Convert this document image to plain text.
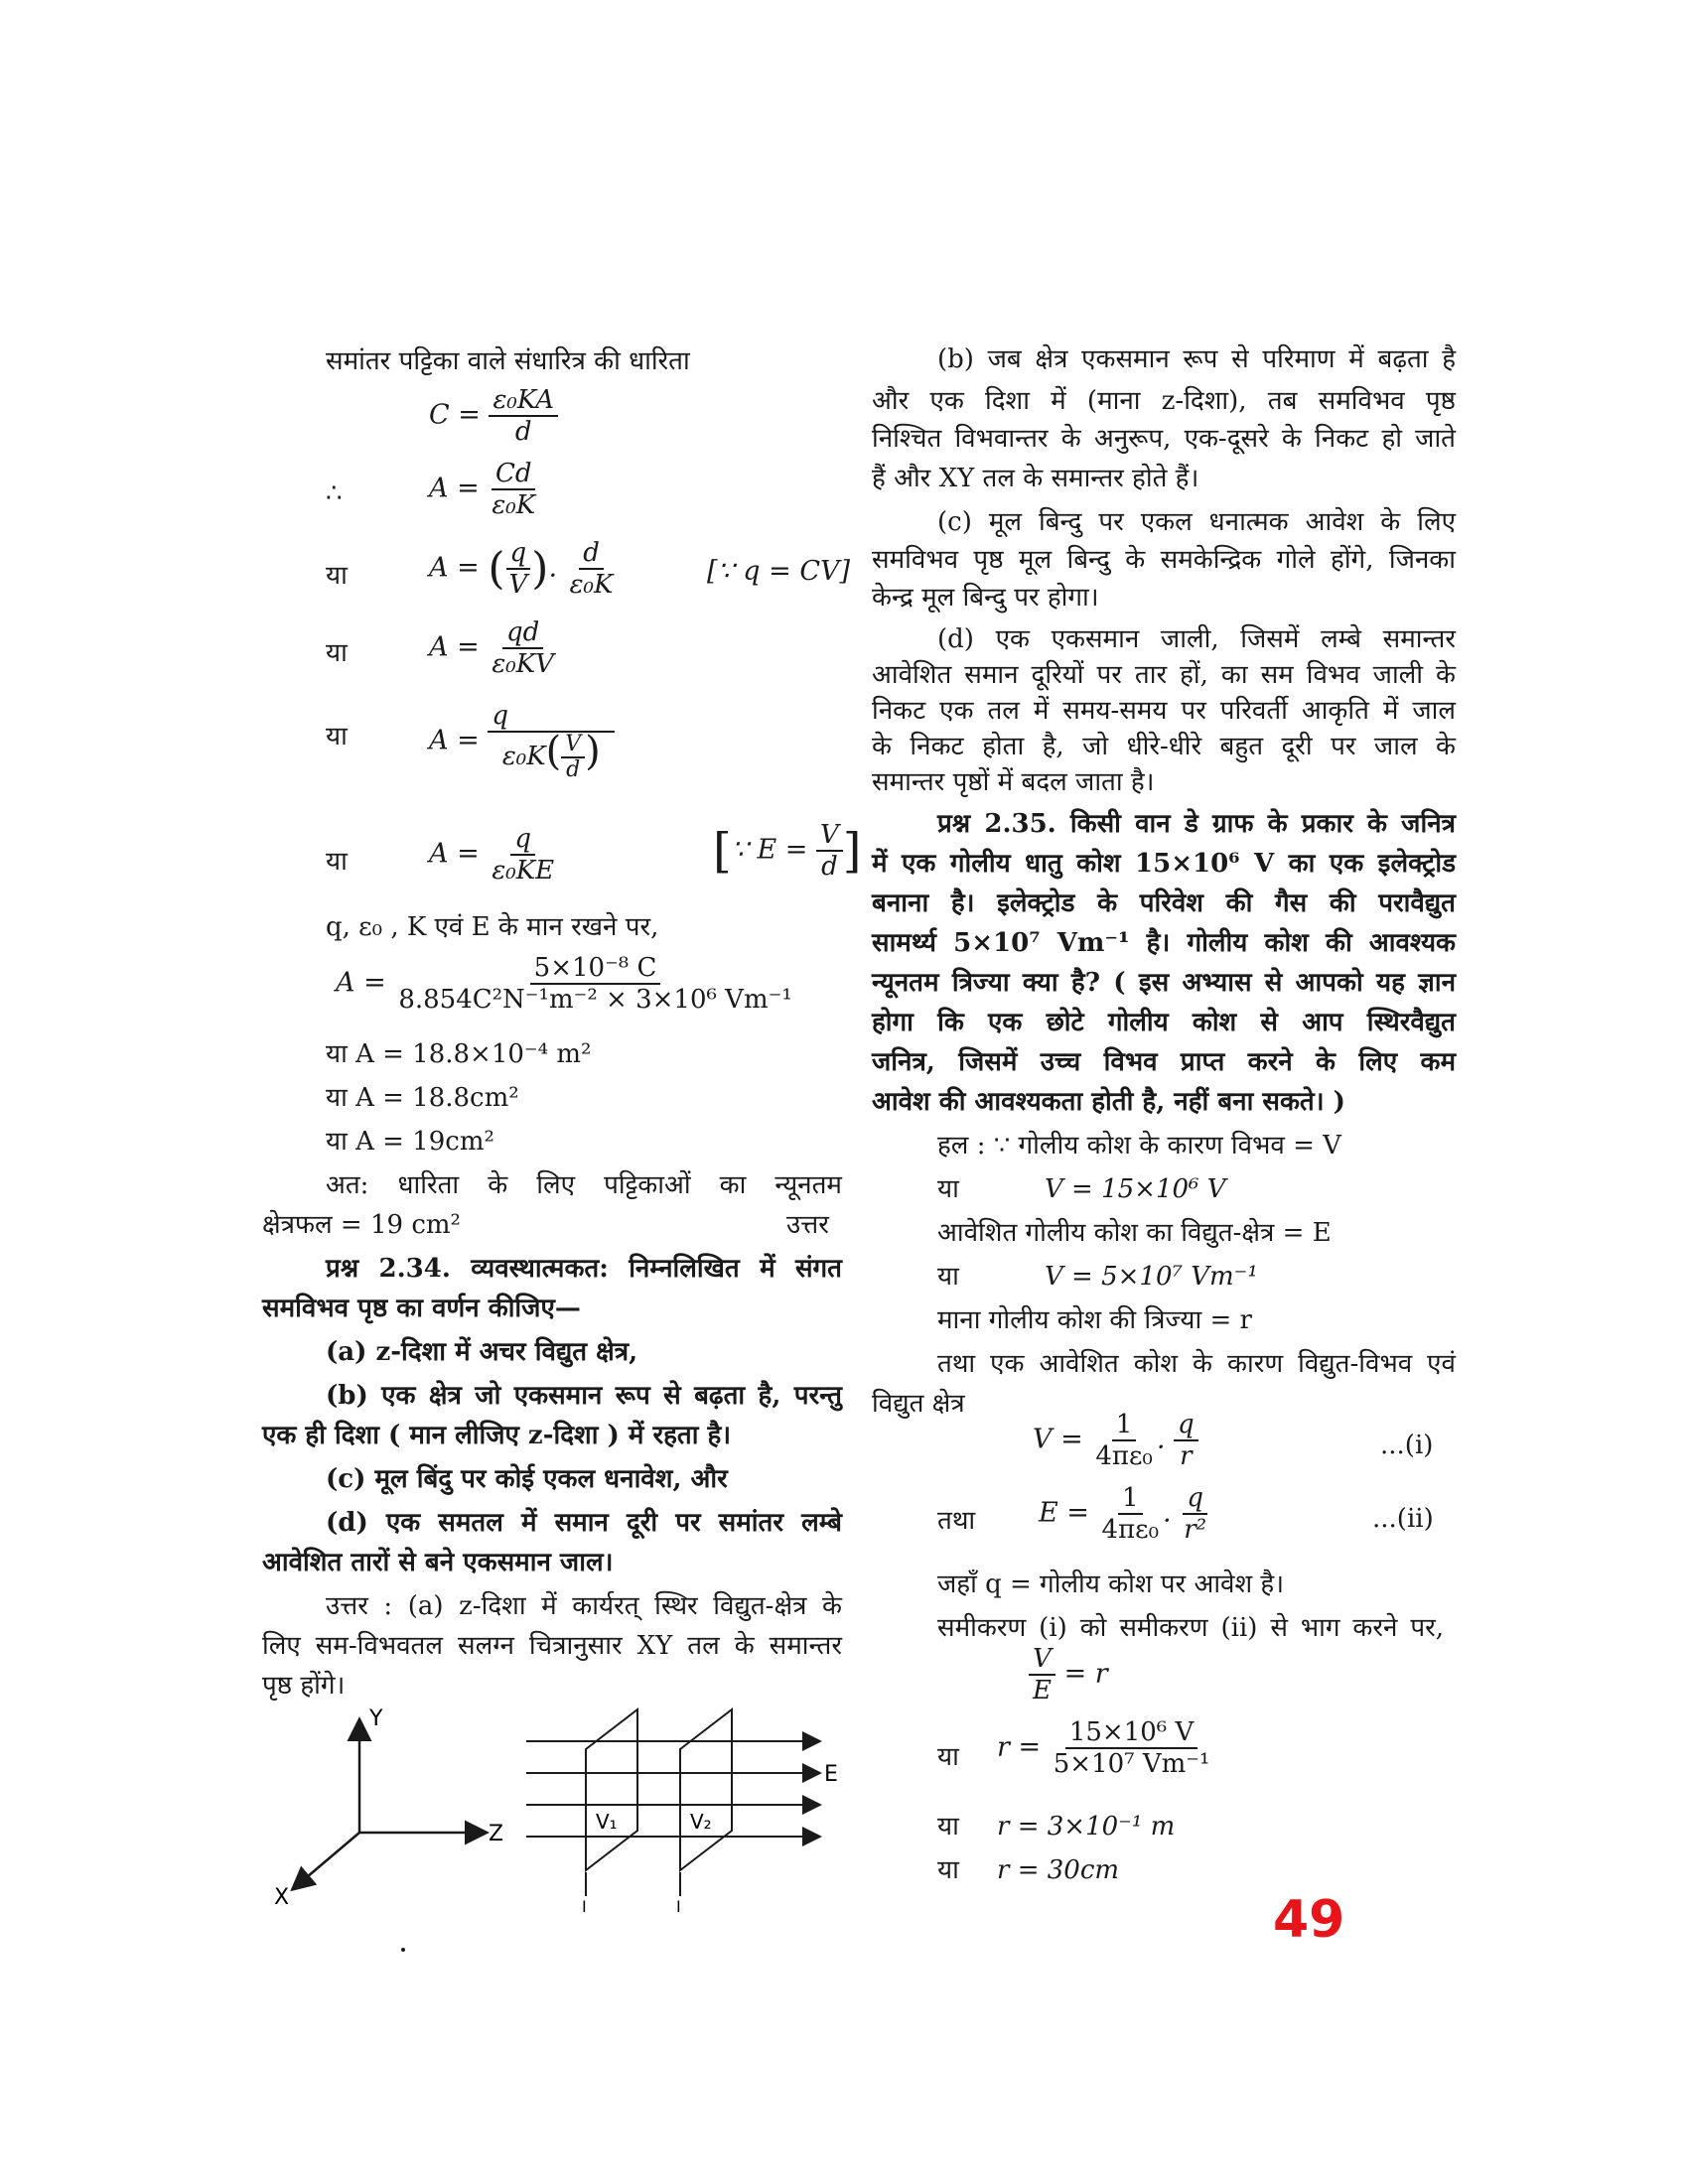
समांतर पट्टिका वाले संधारित्र की धारिता
$C = \frac{\text{ε₀KA}}{d}$
∴	$A = \frac{Cd}{\text{ε₀K}}$
या	A = ( $\frac{q}{V}$ ). $\frac{d}{\text{ε₀K}}$	[∵ q = CV]
या	$A = \frac{qd}{\text{ε₀KV}}$
या	$A = \frac{q}{\varepsilon_0K( \frac{V}{d} )}$
या	$A = \frac{q}{\text{ε₀KE}}$	[∵ $E = \frac{V}{d}$ ]
q, ε₀ , K एवं E के मान रखने पर,
$A = \frac{\text{5×10⁻⁸ C}}{\text{8.854C²N⁻¹m⁻² × 3×10⁶ Vm⁻¹}}$
या A = 18.8×10⁻⁴ m²
या A = 18.8cm²
या A = 19cm²
अत: धारिता के लिए पट्टिकाओं का न्यूनतम
क्षेत्रफल = 19 cm²	उत्तर
प्रश्न 2.34. व्यवस्थात्मकत: निम्नलिखित में संगत
समविभव पृष्ठ का वर्णन कीजिए—
(a) z-दिशा में अचर विद्युत क्षेत्र,
(b) एक क्षेत्र जो एकसमान रूप से बढ़ता है, परन्तु
एक ही दिशा ( मान लीजिए z-दिशा ) में रहता है।
(c) मूल बिंदु पर कोई एकल धनावेश, और
(d) एक समतल में समान दूरी पर समांतर लम्बे
आवेशित तारों से बने एकसमान जाल।
उत्तर : (a) z-दिशा में कार्यरत् स्थिर विद्युत-क्षेत्र के
लिए सम-विभवतल सलग्न चित्रानुसार XY तल के समान्तर
पृष्ठ होंगे।
Y
Z
X
E
V₁	V₂
I	I
(b) जब क्षेत्र एकसमान रूप से परिमाण में बढ़ता है
और एक दिशा में (माना z-दिशा), तब समविभव पृष्ठ
निश्चित विभवान्तर के अनुरूप, एक-दूसरे के निकट हो जाते
हैं और XY तल के समान्तर होते हैं।
(c) मूल बिन्दु पर एकल धनात्मक आवेश के लिए
समविभव पृष्ठ मूल बिन्दु के समकेन्द्रिक गोले होंगे, जिनका
केन्द्र मूल बिन्दु पर होगा।
(d) एक एकसमान जाली, जिसमें लम्बे समान्तर
आवेशित समान दूरियों पर तार हों, का सम विभव जाली के
निकट एक तल में समय-समय पर परिवर्ती आकृति में जाल
के निकट होता है, जो धीरे-धीरे बहुत दूरी पर जाल के
समान्तर पृष्ठों में बदल जाता है।
प्रश्न 2.35. किसी वान डे ग्राफ के प्रकार के जनित्र
में एक गोलीय धातु कोश 15×10⁶ V का एक इलेक्ट्रोड
बनाना है। इलेक्ट्रोड के परिवेश की गैस की परावैद्युत
सामर्थ्य 5×10⁷ Vm⁻¹ है। गोलीय कोश की आवश्यक
न्यूनतम त्रिज्या क्या है? ( इस अभ्यास से आपको यह ज्ञान
होगा कि एक छोटे गोलीय कोश से आप स्थिरवैद्युत
जनित्र, जिसमें उच्च विभव प्राप्त करने के लिए कम
आवेश की आवश्यकता होती है, नहीं बना सकते। )
हल : ∵ गोलीय कोश के कारण विभव = V
या	V = 15×10⁶ V
आवेशित गोलीय कोश का विद्युत-क्षेत्र = E
या	V = 5×10⁷ Vm⁻¹
माना गोलीय कोश की त्रिज्या = r
तथा एक आवेशित कोश के कारण विद्युत-विभव एवं
विद्युत क्षेत्र
$V = \frac{1}{\text{4πε₀}}$ . $\frac{q}{r}$	...(i)
तथा $E = \frac{1}{\text{4πε₀}}$ . $\frac{q}{\text{r²}}$	...(ii)
जहाँ q = गोलीय कोश पर आवेश है।
समीकरण (i) को समीकरण (ii) से भाग करने पर,
$\frac{V}{E} = r$
या $r = \frac{\text{15×10⁶ V}}{\text{5×10⁷ Vm⁻¹}}$
या r = 3×10⁻¹ m
या r = 30cm
49
